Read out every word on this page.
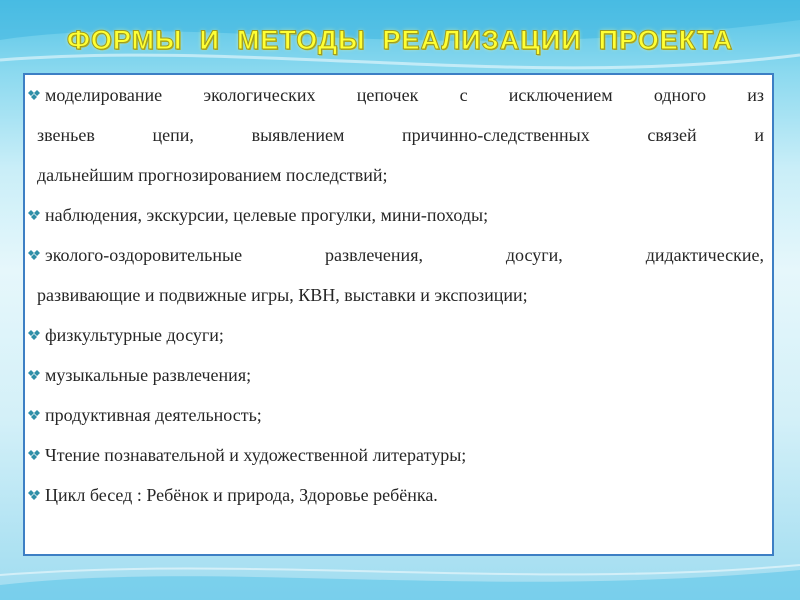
ФОРМЫ  И  МЕТОДЫ  РЕАЛИЗАЦИИ  ПРОЕКТА
моделирование экологических цепочек с исключением одного из
звеньев цепи, выявлением причинно-следственных связей и
дальнейшим прогнозированием последствий;
наблюдения, экскурсии, целевые прогулки, мини-походы;
эколого-оздоровительные развлечения, досуги, дидактические,
развивающие и подвижные игры, КВН, выставки и экспозиции;
физкультурные досуги;
музыкальные развлечения;
продуктивная деятельность;
Чтение познавательной и художественной литературы;
Цикл бесед : Ребёнок и природа, Здоровье ребёнка.
